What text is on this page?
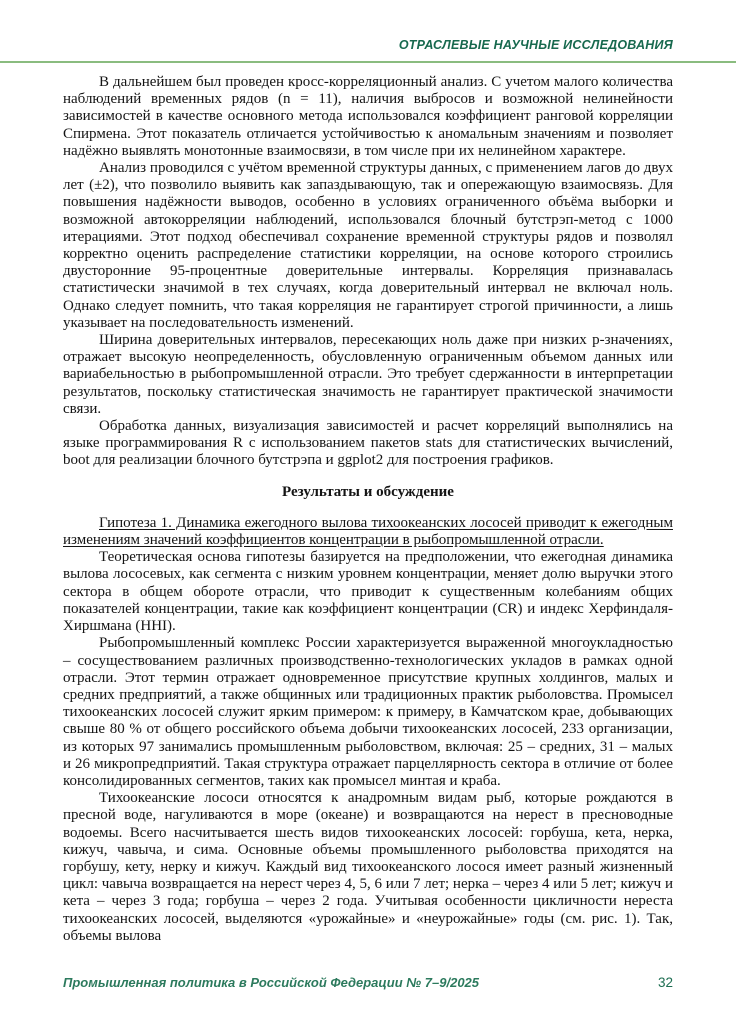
ОТРАСЛЕВЫЕ НАУЧНЫЕ ИССЛЕДОВАНИЯ

В дальнейшем был проведен кросс-корреляционный анализ. С учетом малого количества наблюдений временных рядов (n = 11), наличия выбросов и возможной нелинейности зависимостей в качестве основного метода использовался коэффициент ранговой корреляции Спирмена. Этот показатель отличается устойчивостью к аномальным значениям и позволяет надёжно выявлять монотонные взаимосвязи, в том числе при их нелинейном характере.

Анализ проводился с учётом временной структуры данных, с применением лагов до двух лет (±2), что позволило выявить как запаздывающую, так и опережающую взаимосвязь. Для повышения надёжности выводов, особенно в условиях ограниченного объёма выборки и возможной автокорреляции наблюдений, использовался блочный бутстрэп-метод с 1000 итерациями. Этот подход обеспечивал сохранение временной структуры рядов и позволял корректно оценить распределение статистики корреляции, на основе которого строились двусторонние 95-процентные доверительные интервалы. Корреляция признавалась статистически значимой в тех случаях, когда доверительный интервал не включал ноль. Однако следует помнить, что такая корреляция не гарантирует строгой причинности, а лишь указывает на последовательность изменений.

Ширина доверительных интервалов, пересекающих ноль даже при низких p-значениях, отражает высокую неопределенность, обусловленную ограниченным объемом данных или вариабельностью в рыбопромышленной отрасли. Это требует сдержанности в интерпретации результатов, поскольку статистическая значимость не гарантирует практической значимости связи.

Обработка данных, визуализация зависимостей и расчет корреляций выполнялись на языке программирования R с использованием пакетов stats для статистических вычислений, boot для реализации блочного бутстрэпа и ggplot2 для построения графиков.

Результаты и обсуждение

Гипотеза 1. Динамика ежегодного вылова тихоокеанских лососей приводит к ежегодным изменениям значений коэффициентов концентрации в рыбопромышленной отрасли.

Теоретическая основа гипотезы базируется на предположении, что ежегодная динамика вылова лососевых, как сегмента с низким уровнем концентрации, меняет долю выручки этого сектора в общем обороте отрасли, что приводит к существенным колебаниям общих показателей концентрации, такие как коэффициент концентрации (CR) и индекс Херфиндаля-Хиршмана (HHI).

Рыбопромышленный комплекс России характеризуется выраженной многоукладностью – сосуществованием различных производственно-технологических укладов в рамках одной отрасли. Этот термин отражает одновременное присутствие крупных холдингов, малых и средних предприятий, а также общинных или традиционных практик рыболовства. Промысел тихоокеанских лососей служит ярким примером: к примеру, в Камчатском крае, добывающих свыше 80 % от общего российского объема добычи тихоокеанских лососей, 233 организации, из которых 97 занимались промышленным рыболовством, включая: 25 – средних, 31 – малых и 26 микропредприятий. Такая структура отражает парцеллярность сектора в отличие от более консолидированных сегментов, таких как промысел минтая и краба.

Тихоокеанские лососи относятся к анадромным видам рыб, которые рождаются в пресной воде, нагуливаются в море (океане) и возвращаются на нерест в пресноводные водоемы. Всего насчитывается шесть видов тихоокеанских лососей: горбуша, кета, нерка, кижуч, чавыча, и сима. Основные объемы промышленного рыболовства приходятся на горбушу, кету, нерку и кижуч. Каждый вид тихоокеанского лосося имеет разный жизненный цикл: чавыча возвращается на нерест через 4, 5, 6 или 7 лет; нерка – через 4 или 5 лет; кижуч и кета – через 3 года; горбуша – через 2 года. Учитывая особенности цикличности нереста тихоокеанских лососей, выделяются «урожайные» и «неурожайные» годы (см. рис. 1). Так, объемы вылова

Промышленная политика в Российской Федерации № 7–9/2025	32
